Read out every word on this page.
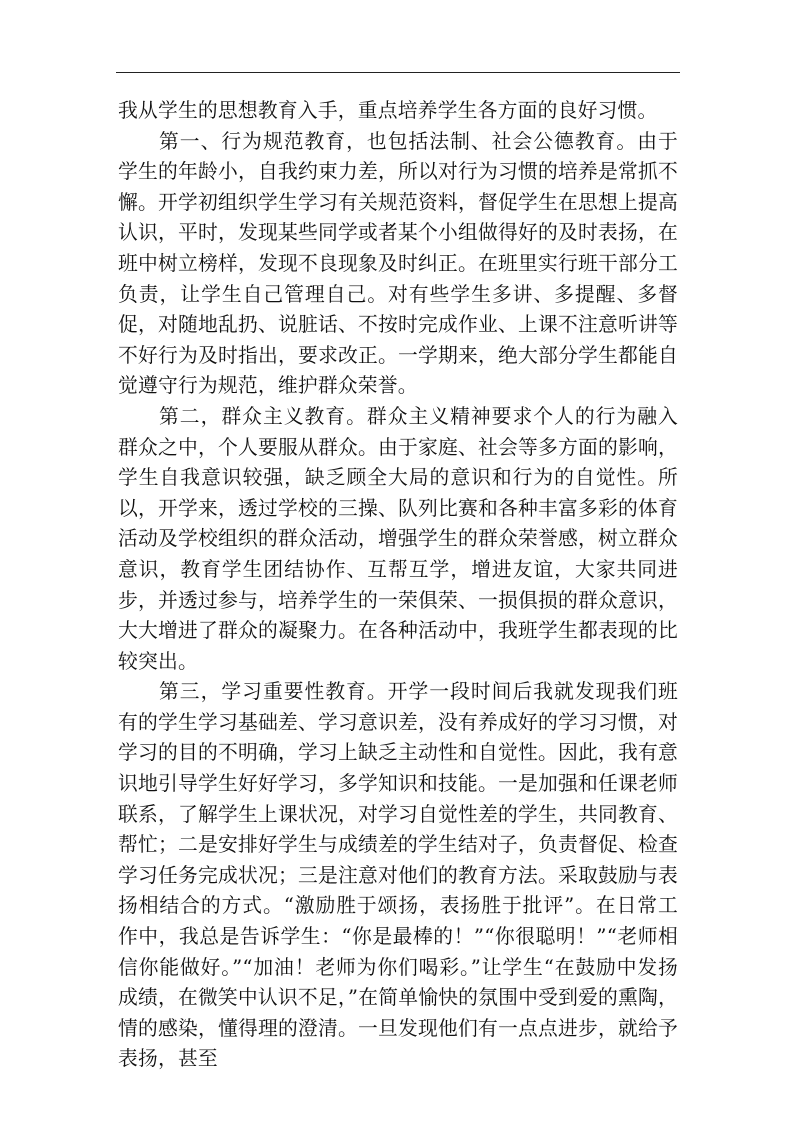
我从学生的思想教育入手，重点培养学生各方面的良好习惯。

第一、行为规范教育，也包括法制、社会公德教育。由于学生的年龄小，自我约束力差，所以对行为习惯的培养是常抓不懈。开学初组织学生学习有关规范资料，督促学生在思想上提高认识，平时，发现某些同学或者某个小组做得好的及时表扬，在班中树立榜样，发现不良现象及时纠正。在班里实行班干部分工负责，让学生自己管理自己。对有些学生多讲、多提醒、多督促，对随地乱扔、说脏话、不按时完成作业、上课不注意听讲等不好行为及时指出，要求改正。一学期来，绝大部分学生都能自觉遵守行为规范，维护群众荣誉。

第二，群众主义教育。群众主义精神要求个人的行为融入群众之中，个人要服从群众。由于家庭、社会等多方面的影响，学生自我意识较强，缺乏顾全大局的意识和行为的自觉性。所以，开学来，透过学校的三操、队列比赛和各种丰富多彩的体育活动及学校组织的群众活动，增强学生的群众荣誉感，树立群众意识，教育学生团结协作、互帮互学，增进友谊，大家共同进步，并透过参与，培养学生的一荣俱荣、一损俱损的群众意识，大大增进了群众的凝聚力。在各种活动中，我班学生都表现的比较突出。

第三，学习重要性教育。开学一段时间后我就发现我们班有的学生学习基础差、学习意识差，没有养成好的学习习惯，对学习的目的不明确，学习上缺乏主动性和自觉性。因此，我有意识地引导学生好好学习，多学知识和技能。一是加强和任课老师联系，了解学生上课状况，对学习自觉性差的学生，共同教育、帮忙；二是安排好学生与成绩差的学生结对子，负责督促、检查学习任务完成状况；三是注意对他们的教育方法。采取鼓励与表扬相结合的方式。“激励胜于颂扬，表扬胜于批评”。在日常工作中，我总是告诉学生：“你是最棒的！”“你很聪明！”“老师相信你能做好。”“加油！老师为你们喝彩。”让学生“在鼓励中发扬成绩，在微笑中认识不足，”在简单愉快的氛围中受到爱的熏陶，情的感染，懂得理的澄清。一旦发现他们有一点点进步，就给予表扬，甚至
